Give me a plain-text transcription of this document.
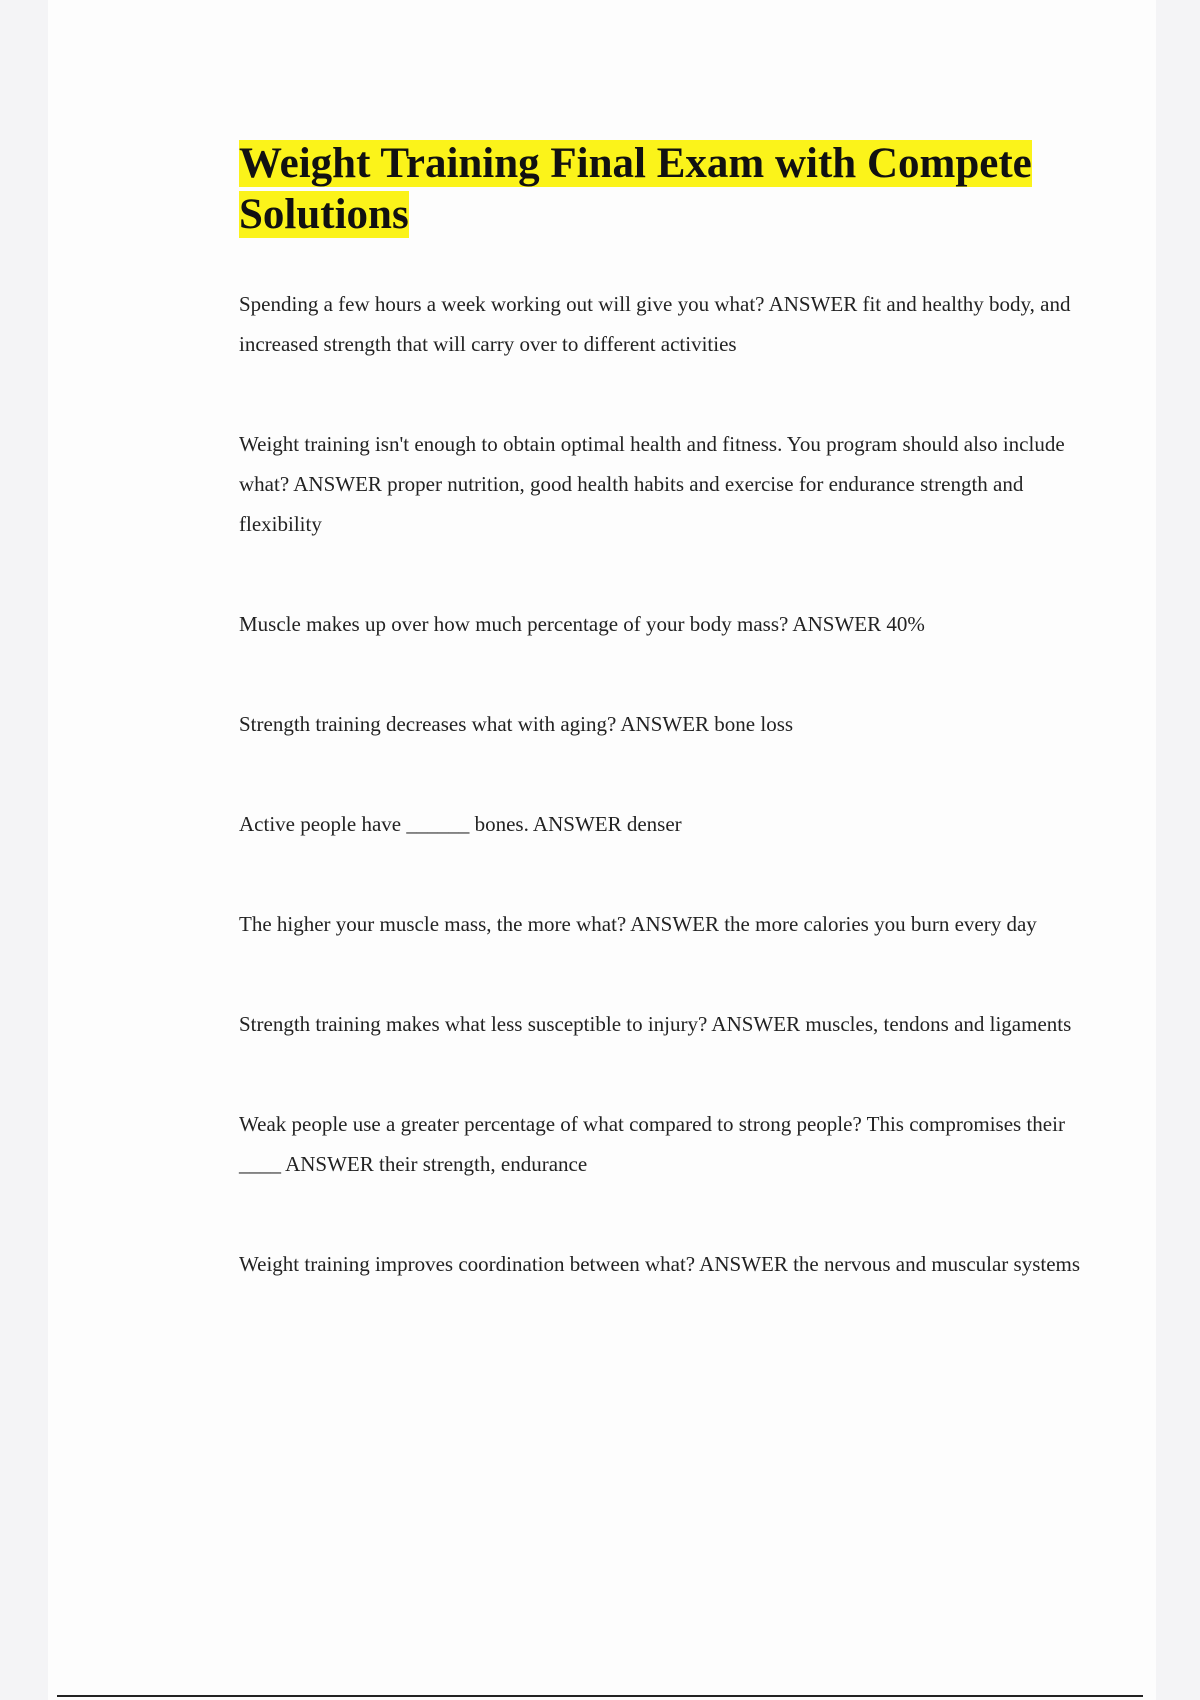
Weight Training Final Exam with Compete Solutions

Spending a few hours a week working out will give you what? ANSWER fit and healthy body, and increased strength that will carry over to different activities

Weight training isn't enough to obtain optimal health and fitness. You program should also include what? ANSWER proper nutrition, good health habits and exercise for endurance strength and flexibility

Muscle makes up over how much percentage of your body mass? ANSWER 40%

Strength training decreases what with aging? ANSWER bone loss

Active people have ______ bones. ANSWER denser

The higher your muscle mass, the more what? ANSWER the more calories you burn every day

Strength training makes what less susceptible to injury? ANSWER muscles, tendons and ligaments

Weak people use a greater percentage of what compared to strong people? This compromises their ____ ANSWER their strength, endurance

Weight training improves coordination between what? ANSWER the nervous and muscular systems
